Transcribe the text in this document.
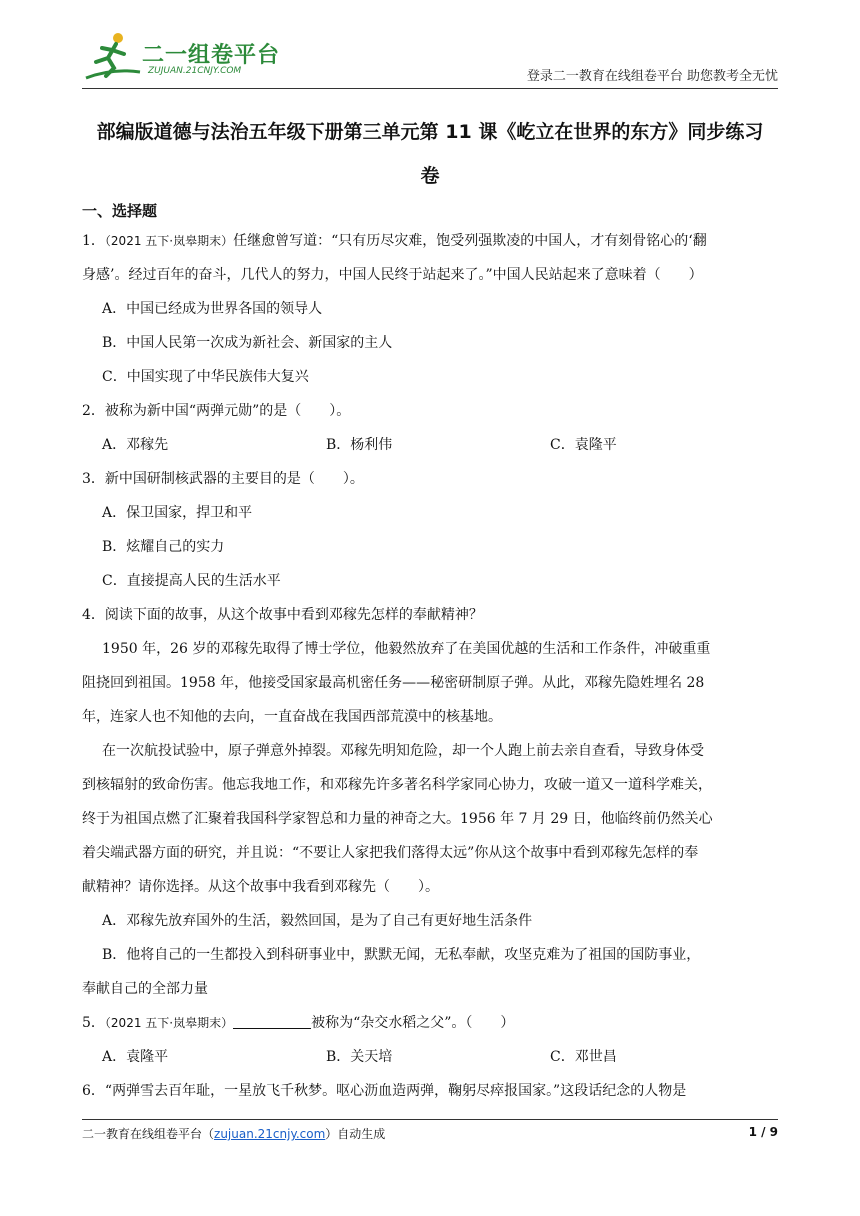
二一组卷平台
ZUJUAN.21CNJY.COM	登录二一教育在线组卷平台 助您教考全无忧
部编版道德与法治五年级下册第三单元第 11 课《屹立在世界的东方》同步练习
卷
一、选择题
1．（2021 五下·岚皋期末）任继愈曾写道：“只有历尽灾难，饱受列强欺凌的中国人，才有刻骨铭心的‘翻
身感’。经过百年的奋斗，几代人的努力，中国人民终于站起来了。”中国人民站起来了意味着（　　）
A．中国已经成为世界各国的领导人
B．中国人民第一次成为新社会、新国家的主人
C．中国实现了中华民族伟大复兴
2．被称为新中国“两弹元勋”的是（　　）。
A．邓稼先	B．杨利伟	C．袁隆平
3．新中国研制核武器的主要目的是（　　）。
A．保卫国家，捍卫和平
B．炫耀自己的实力
C．直接提高人民的生活水平
4．阅读下面的故事，从这个故事中看到邓稼先怎样的奉献精神？
1950 年，26 岁的邓稼先取得了博士学位，他毅然放弃了在美国优越的生活和工作条件，冲破重重
阻挠回到祖国。1958 年，他接受国家最高机密任务——秘密研制原子弹。从此，邓稼先隐姓埋名 28
年，连家人也不知他的去向，一直奋战在我国西部荒漠中的核基地。
在一次航投试验中，原子弹意外掉裂。邓稼先明知危险，却一个人跑上前去亲自查看，导致身体受
到核辐射的致命伤害。他忘我地工作，和邓稼先许多著名科学家同心协力，攻破一道又一道科学难关，
终于为祖国点燃了汇聚着我国科学家智总和力量的神奇之大。1956 年 7 月 29 日，他临终前仍然关心
着尖端武器方面的研究，并且说：“不要让人家把我们落得太远”你从这个故事中看到邓稼先怎样的奉
献精神？请你选择。从这个故事中我看到邓稼先（　　）。
A．邓稼先放弃国外的生活，毅然回国，是为了自己有更好地生活条件
B．他将自己的一生都投入到科研事业中，默默无闻，无私奉献，攻坚克难为了祖国的国防事业，
奉献自己的全部力量
5．（2021 五下·岚皋期末）	被称为“杂交水稻之父”。（　　）
A．袁隆平	B．关天培	C．邓世昌
6．“两弹雪去百年耻，一星放飞千秋梦。呕心沥血造两弹，鞠躬尽瘁报国家。”这段话纪念的人物是
二一教育在线组卷平台（zujuan.21cnjy.com）自动生成	1 / 9
